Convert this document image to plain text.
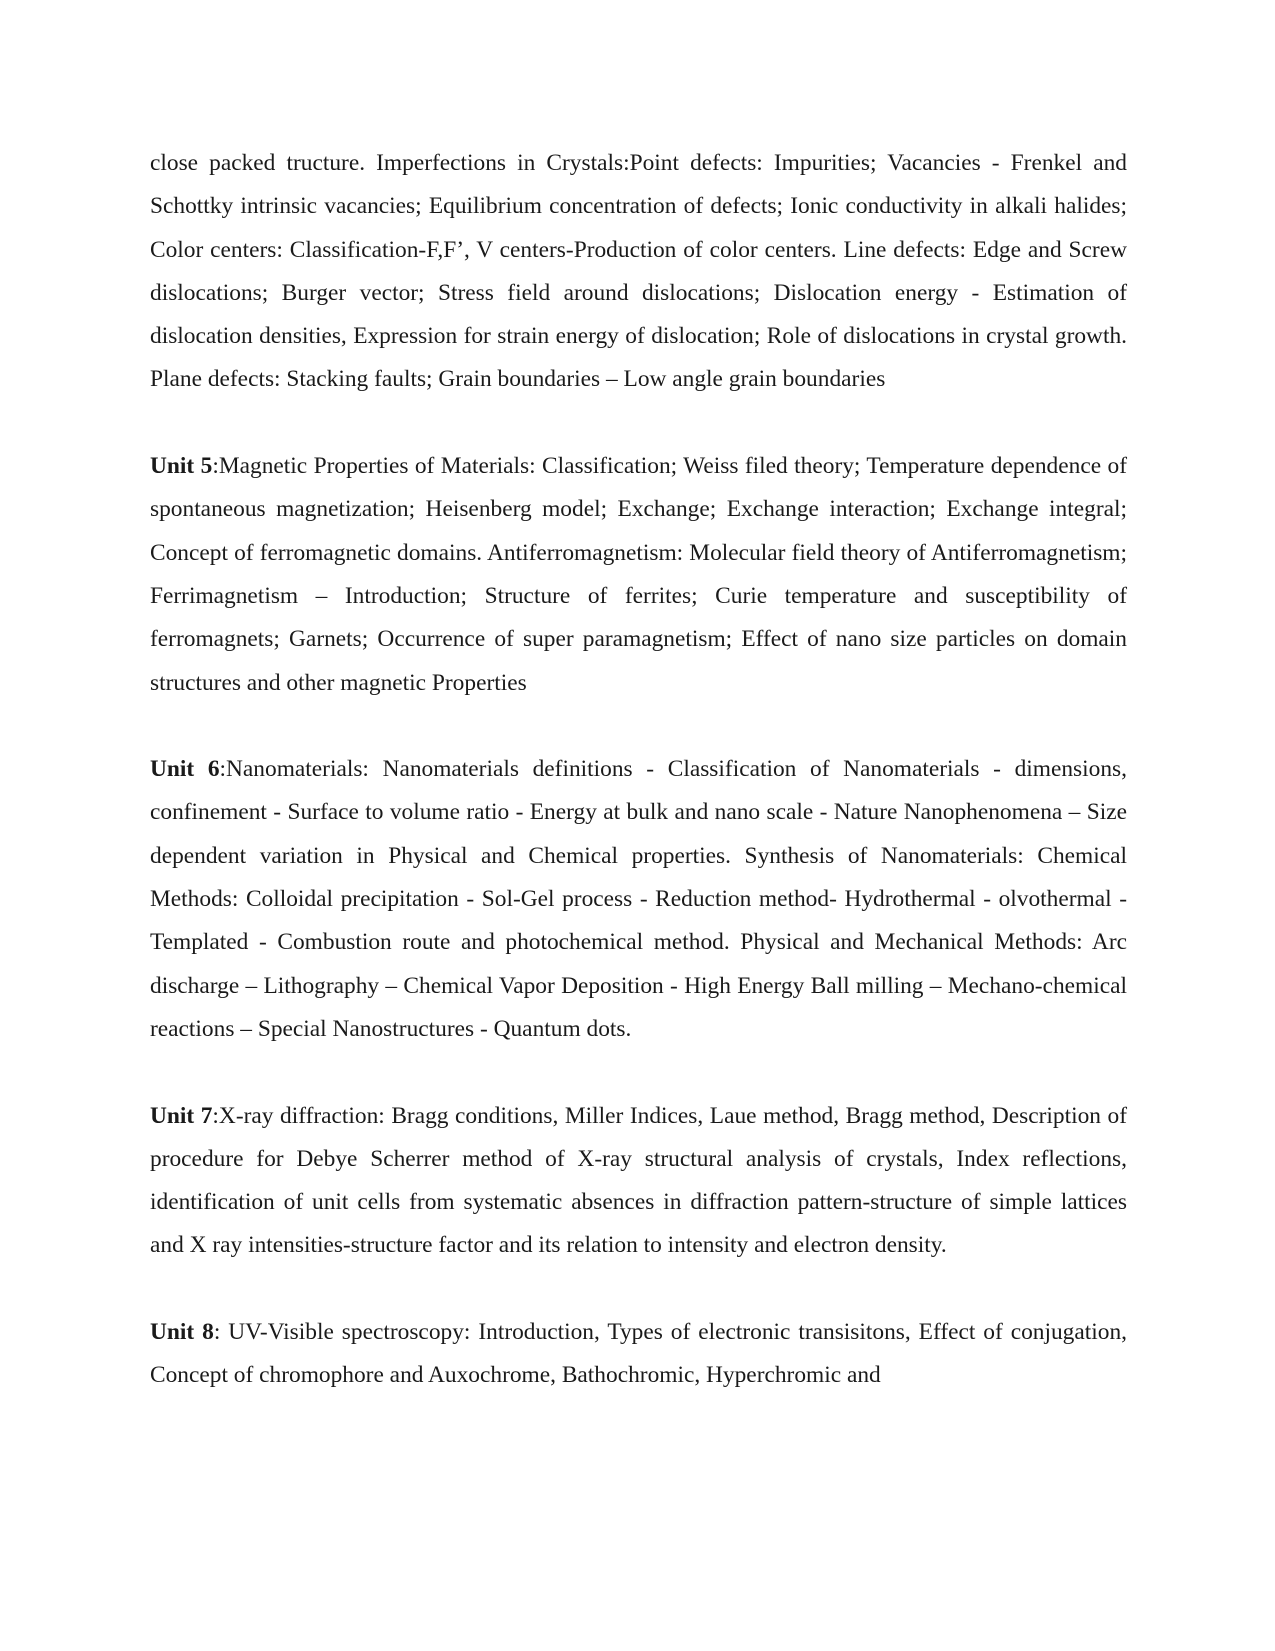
close packed tructure. Imperfections in Crystals:Point defects: Impurities; Vacancies - Frenkel and Schottky intrinsic vacancies; Equilibrium concentration of defects; Ionic conductivity in alkali halides; Color centers: Classification-F,F’, V centers-Production of color centers. Line defects: Edge and Screw dislocations; Burger vector; Stress field around dislocations; Dislocation energy - Estimation of dislocation densities, Expression for strain energy of dislocation; Role of dislocations in crystal growth. Plane defects: Stacking faults; Grain boundaries – Low angle grain boundaries

Unit 5:Magnetic Properties of Materials: Classification; Weiss filed theory; Temperature dependence of spontaneous magnetization; Heisenberg model; Exchange; Exchange interaction; Exchange integral; Concept of ferromagnetic domains. Antiferromagnetism: Molecular field theory of Antiferromagnetism; Ferrimagnetism – Introduction; Structure of ferrites; Curie temperature and susceptibility of ferromagnets; Garnets; Occurrence of super paramagnetism; Effect of nano size particles on domain structures and other magnetic Properties

Unit 6:Nanomaterials: Nanomaterials definitions - Classification of Nanomaterials - dimensions, confinement - Surface to volume ratio - Energy at bulk and nano scale - Nature Nanophenomena – Size dependent variation in Physical and Chemical properties. Synthesis of Nanomaterials: Chemical Methods: Colloidal precipitation - Sol-Gel process - Reduction method- Hydrothermal - olvothermal - Templated - Combustion route and photochemical method. Physical and Mechanical Methods: Arc discharge – Lithography – Chemical Vapor Deposition - High Energy Ball milling – Mechano-chemical reactions – Special Nanostructures - Quantum dots.

Unit 7:X-ray diffraction: Bragg conditions, Miller Indices, Laue method, Bragg method, Description of procedure for Debye Scherrer method of X-ray structural analysis of crystals, Index reflections, identification of unit cells from systematic absences in diffraction pattern-structure of simple lattices and X ray intensities-structure factor and its relation to intensity and electron density.

Unit 8: UV-Visible spectroscopy: Introduction, Types of electronic transisitons, Effect of conjugation, Concept of chromophore and Auxochrome, Bathochromic, Hyperchromic and
